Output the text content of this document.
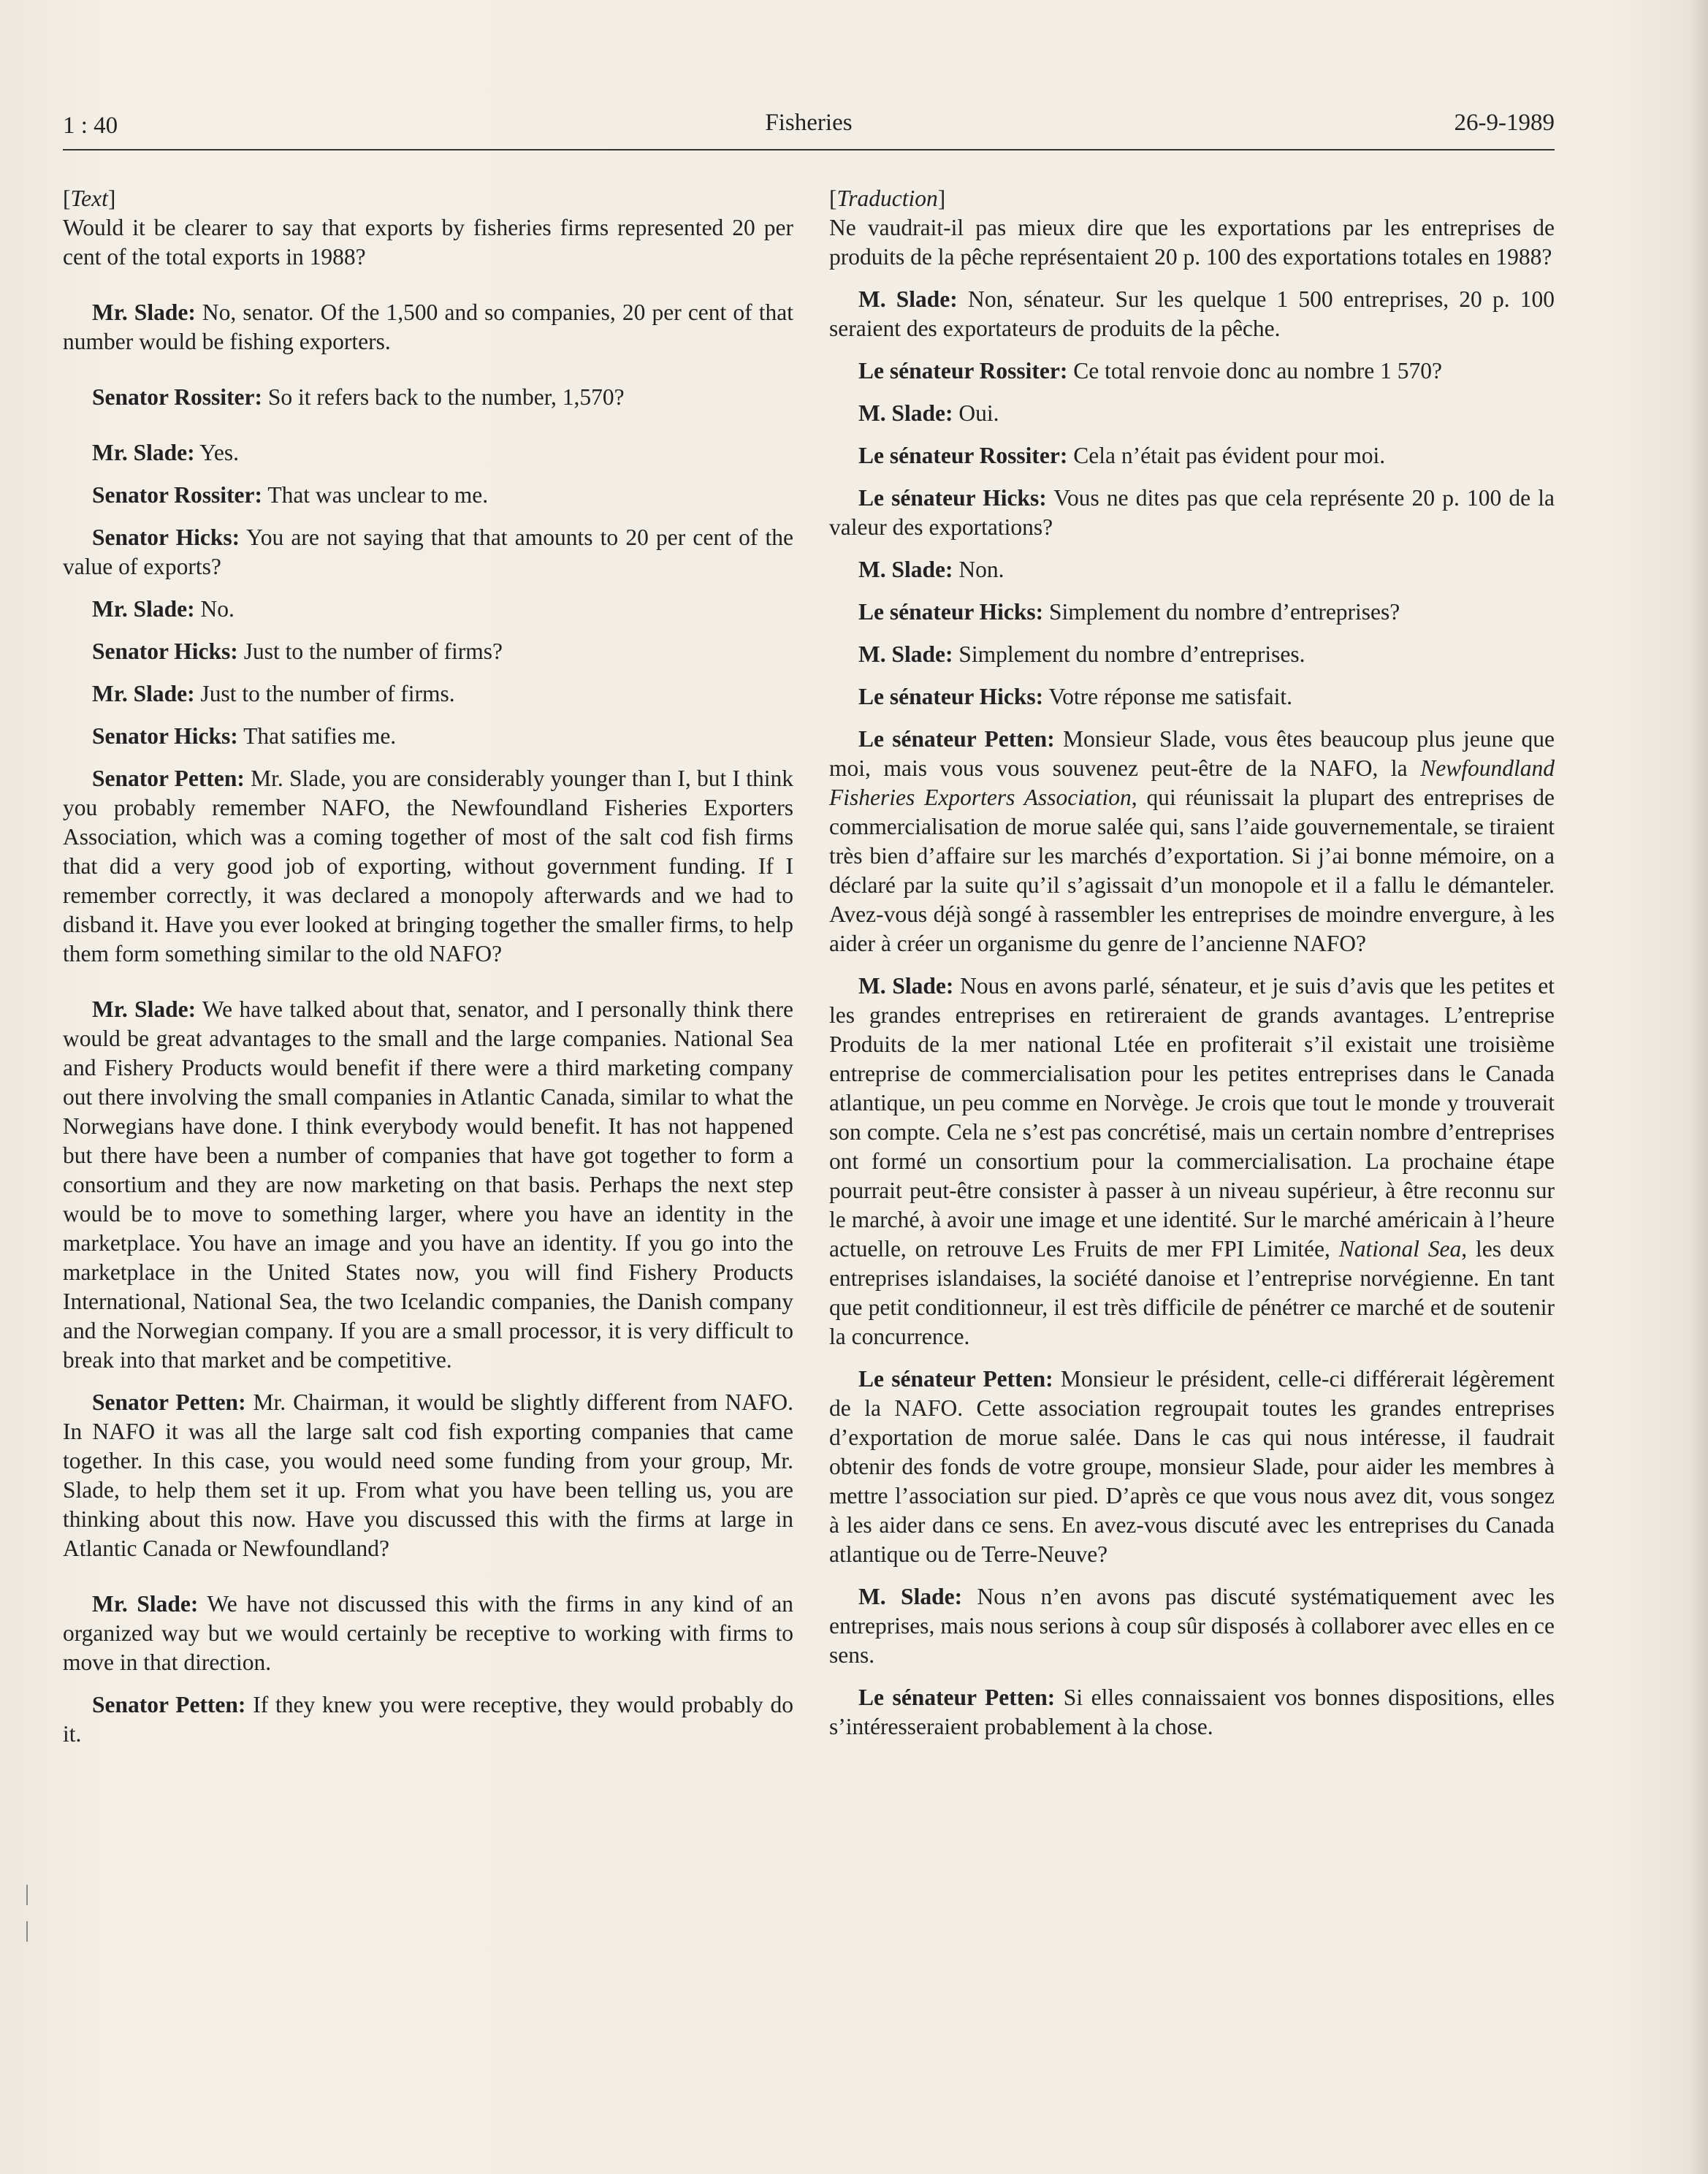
1 : 40	Fisheries	26-9-1989

[Text]

Would it be clearer to say that exports by fisheries firms represented 20 per cent of the total exports in 1988?

Mr. Slade: No, senator. Of the 1,500 and so companies, 20 per cent of that number would be fishing exporters.

Senator Rossiter: So it refers back to the number, 1,570?

Mr. Slade: Yes.

Senator Rossiter: That was unclear to me.

Senator Hicks: You are not saying that that amounts to 20 per cent of the value of exports?

Mr. Slade: No.

Senator Hicks: Just to the number of firms?

Mr. Slade: Just to the number of firms.

Senator Hicks: That satifies me.

Senator Petten: Mr. Slade, you are considerably younger than I, but I think you probably remember NAFO, the Newfoundland Fisheries Exporters Association, which was a coming together of most of the salt cod fish firms that did a very good job of exporting, without government funding. If I remember correctly, it was declared a monopoly afterwards and we had to disband it. Have you ever looked at bringing together the smaller firms, to help them form something similar to the old NAFO?

Mr. Slade: We have talked about that, senator, and I personally think there would be great advantages to the small and the large companies. National Sea and Fishery Products would benefit if there were a third marketing company out there involving the small companies in Atlantic Canada, similar to what the Norwegians have done. I think everybody would benefit. It has not happened but there have been a number of companies that have got together to form a consortium and they are now marketing on that basis. Perhaps the next step would be to move to something larger, where you have an identity in the marketplace. You have an image and you have an identity. If you go into the marketplace in the United States now, you will find Fishery Products International, National Sea, the two Icelandic companies, the Danish company and the Norwegian company. If you are a small processor, it is very difficult to break into that market and be competitive.

Senator Petten: Mr. Chairman, it would be slightly different from NAFO. In NAFO it was all the large salt cod fish exporting companies that came together. In this case, you would need some funding from your group, Mr. Slade, to help them set it up. From what you have been telling us, you are thinking about this now. Have you discussed this with the firms at large in Atlantic Canada or Newfoundland?

Mr. Slade: We have not discussed this with the firms in any kind of an organized way but we would certainly be receptive to working with firms to move in that direction.

Senator Petten: If they knew you were receptive, they would probably do it.

[Traduction]

Ne vaudrait-il pas mieux dire que les exportations par les entreprises de produits de la pêche représentaient 20 p. 100 des exportations totales en 1988?

M. Slade: Non, sénateur. Sur les quelque 1 500 entreprises, 20 p. 100 seraient des exportateurs de produits de la pêche.

Le sénateur Rossiter: Ce total renvoie donc au nombre 1 570?

M. Slade: Oui.

Le sénateur Rossiter: Cela n’était pas évident pour moi.

Le sénateur Hicks: Vous ne dites pas que cela représente 20 p. 100 de la valeur des exportations?

M. Slade: Non.

Le sénateur Hicks: Simplement du nombre d’entreprises?

M. Slade: Simplement du nombre d’entreprises.

Le sénateur Hicks: Votre réponse me satisfait.

Le sénateur Petten: Monsieur Slade, vous êtes beaucoup plus jeune que moi, mais vous vous souvenez peut-être de la NAFO, la Newfoundland Fisheries Exporters Association, qui réunissait la plupart des entreprises de commercialisation de morue salée qui, sans l’aide gouvernementale, se tiraient très bien d’affaire sur les marchés d’exportation. Si j’ai bonne mémoire, on a déclaré par la suite qu’il s’agissait d’un monopole et il a fallu le démanteler. Avez-vous déjà songé à rassembler les entreprises de moindre envergure, à les aider à créer un organisme du genre de l’ancienne NAFO?

M. Slade: Nous en avons parlé, sénateur, et je suis d’avis que les petites et les grandes entreprises en retireraient de grands avantages. L’entreprise Produits de la mer national Ltée en profiterait s’il existait une troisième entreprise de commercialisation pour les petites entreprises dans le Canada atlantique, un peu comme en Norvège. Je crois que tout le monde y trouverait son compte. Cela ne s’est pas concrétisé, mais un certain nombre d’entreprises ont formé un consortium pour la commercialisation. La prochaine étape pourrait peut-être consister à passer à un niveau supérieur, à être reconnu sur le marché, à avoir une image et une identité. Sur le marché américain à l’heure actuelle, on retrouve Les Fruits de mer FPI Limitée, National Sea, les deux entreprises islandaises, la société danoise et l’entreprise norvégienne. En tant que petit conditionneur, il est très difficile de pénétrer ce marché et de soutenir la concurrence.

Le sénateur Petten: Monsieur le président, celle-ci différerait légèrement de la NAFO. Cette association regroupait toutes les grandes entreprises d’exportation de morue salée. Dans le cas qui nous intéresse, il faudrait obtenir des fonds de votre groupe, monsieur Slade, pour aider les membres à mettre l’association sur pied. D’après ce que vous nous avez dit, vous songez à les aider dans ce sens. En avez-vous discuté avec les entreprises du Canada atlantique ou de Terre-Neuve?

M. Slade: Nous n’en avons pas discuté systématiquement avec les entreprises, mais nous serions à coup sûr disposés à collaborer avec elles en ce sens.

Le sénateur Petten: Si elles connaissaient vos bonnes dispositions, elles s’intéresseraient probablement à la chose.
